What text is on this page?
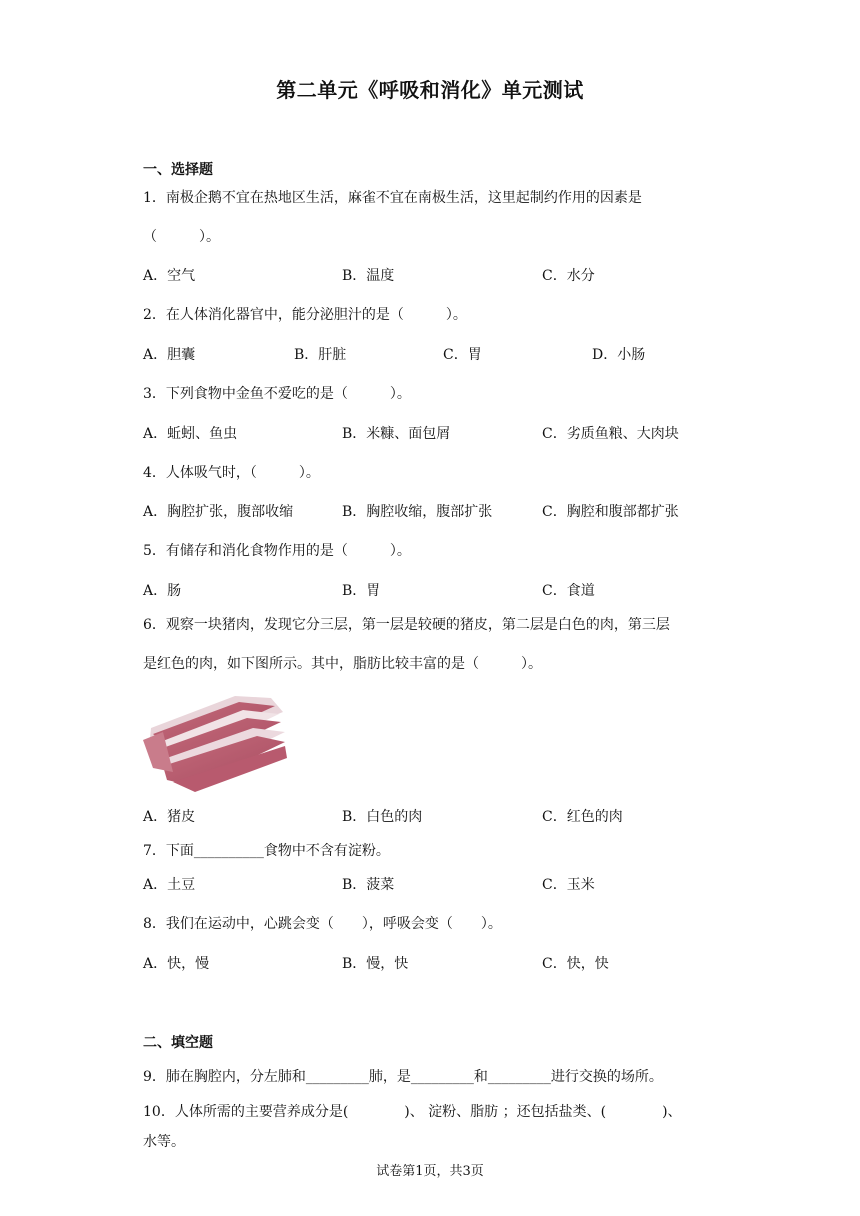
第二单元《呼吸和消化》单元测试
一、选择题
1．南极企鹅不宜在热地区生活，麻雀不宜在南极生活，这里起制约作用的因素是
（　　　）。
A．空气	B．温度	C．水分
2．在人体消化器官中，能分泌胆汁的是（　　　）。
A．胆囊	B．肝脏	C．胃	D．小肠
3．下列食物中金鱼不爱吃的是（　　　）。
A．蚯蚓、鱼虫	B．米糠、面包屑	C．劣质鱼粮、大肉块
4．人体吸气时，（　　　）。
A．胸腔扩张，腹部收缩	B．胸腔收缩，腹部扩张	C．胸腔和腹部都扩张
5．有储存和消化食物作用的是（　　　）。
A．肠	B．胃	C．食道
6．观察一块猪肉，发现它分三层，第一层是较硬的猪皮，第二层是白色的肉，第三层
是红色的肉，如下图所示。其中，脂肪比较丰富的是（　　　）。
A．猪皮	B．白色的肉	C．红色的肉
7．下面__________食物中不含有淀粉。
A．土豆	B．菠菜	C．玉米
8．我们在运动中，心跳会变（　　），呼吸会变（　　）。
A．快，慢	B．慢，快	C．快，快
二、填空题
9．肺在胸腔内，分左肺和_________肺，是_________和_________进行交换的场所。
10．人体所需的主要营养成分是(　　　　)、 淀粉、脂肪 ；还包括盐类、(　　　　)、
水等。
试卷第1页，共3页
